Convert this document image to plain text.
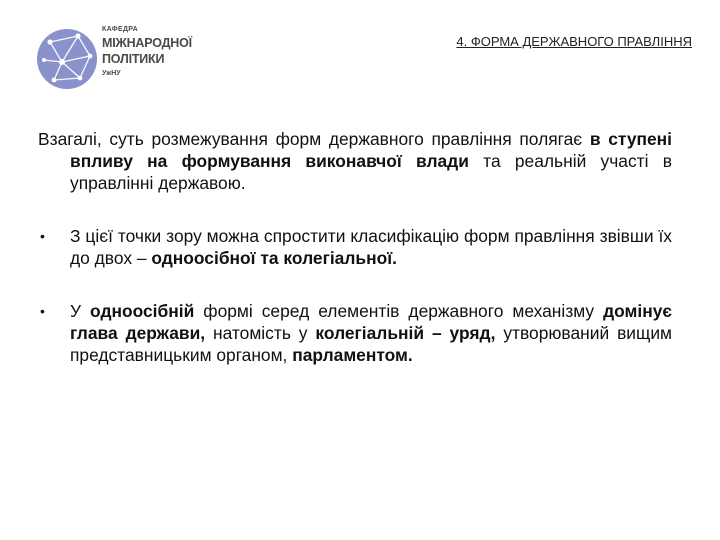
КАФЕДРА
МІЖНАРОДНОЇ
ПОЛІТИКИ
УжНУ
4. ФОРМА ДЕРЖАВНОГО ПРАВЛІННЯ

Взагалі, суть розмежування форм державного правління полягає в ступені впливу на формування виконавчої влади та реальній участі в управлінні державою.

• З цієї точки зору можна спростити класифікацію форм правління звівши їх до двох – одноосібної та колегіальної.

• У одноосібній формі серед елементів державного механізму домінує глава держави, натомість у колегіальній – уряд, утворюваний вищим представницьким органом, парламентом.
